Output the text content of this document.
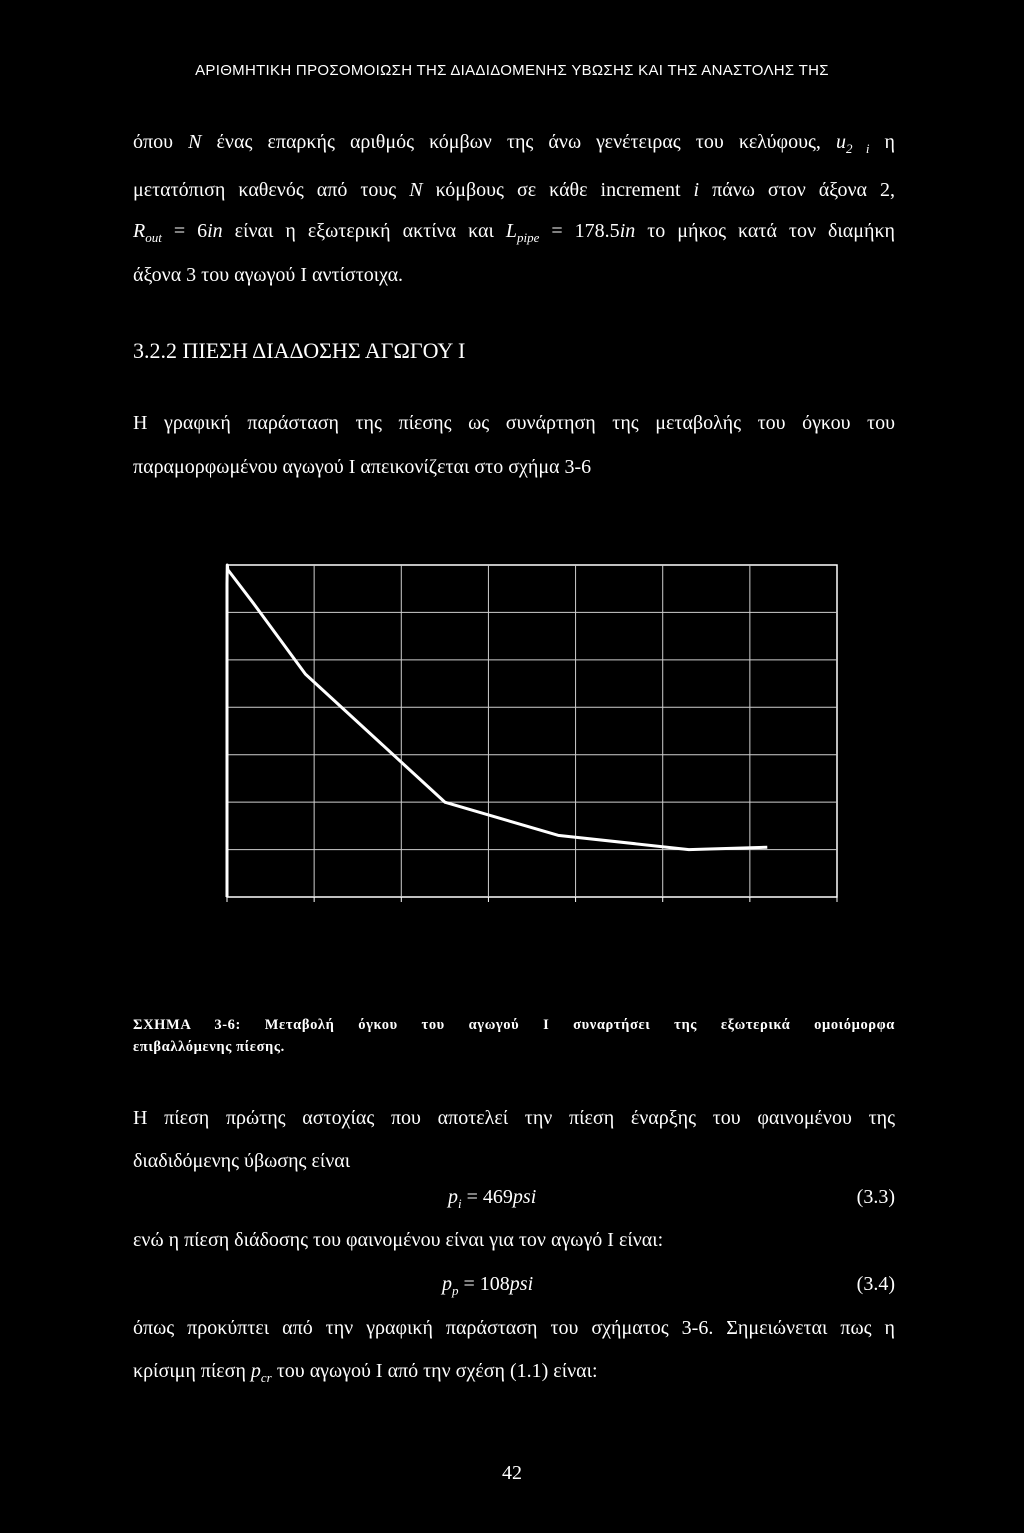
ΑΡΙΘΜΗΤΙΚΗ ΠΡΟΣΟΜΟΙΩΣΗ ΤΗΣ ΔΙΑΔΙΔΟΜΕΝΗΣ ΥΒΩΣΗΣ ΚΑΙ ΤΗΣ ΑΝΑΣΤΟΛΗΣ ΤΗΣ
όπου N ένας επαρκής αριθμός κόμβων της άνω γενέτειρας του κελύφους, $u_{2 i}$ η
μετατόπιση καθενός από τους N κόμβους σε κάθε increment i πάνω στον άξονα 2,
$R_{out} = 6in$ είναι η εξωτερική ακτίνα και $L_{pipe} = 178.5in$ το μήκος κατά τον διαμήκη
άξονα 3 του αγωγού Ι αντίστοιχα.
3.2.2 ΠΙΕΣΗ ΔΙΑΔΟΣΗΣ ΑΓΩΓΟΥ Ι
Η γραφική παράσταση της πίεσης ως συνάρτηση της μεταβολής του όγκου του
παραμορφωμένου αγωγού Ι απεικονίζεται στο σχήμα 3-6
ΣΧΗΜΑ 3-6: Μεταβολή όγκου του αγωγού Ι συναρτήσει της εξωτερικά ομοιόμορφα
επιβαλλόμενης πίεσης.
Η πίεση πρώτης αστοχίας που αποτελεί την πίεση έναρξης του φαινομένου της
διαδιδόμενης ύβωσης είναι
$p_i = 469psi$	(3.3)
ενώ η πίεση διάδοσης του φαινομένου είναι για τον αγωγό Ι είναι:
$p_p = 108psi$	(3.4)
όπως προκύπτει από την γραφική παράσταση του σχήματος 3-6. Σημειώνεται πως η
κρίσιμη πίεση $p_{cr}$ του αγωγού Ι από την σχέση (1.1) είναι:
42
